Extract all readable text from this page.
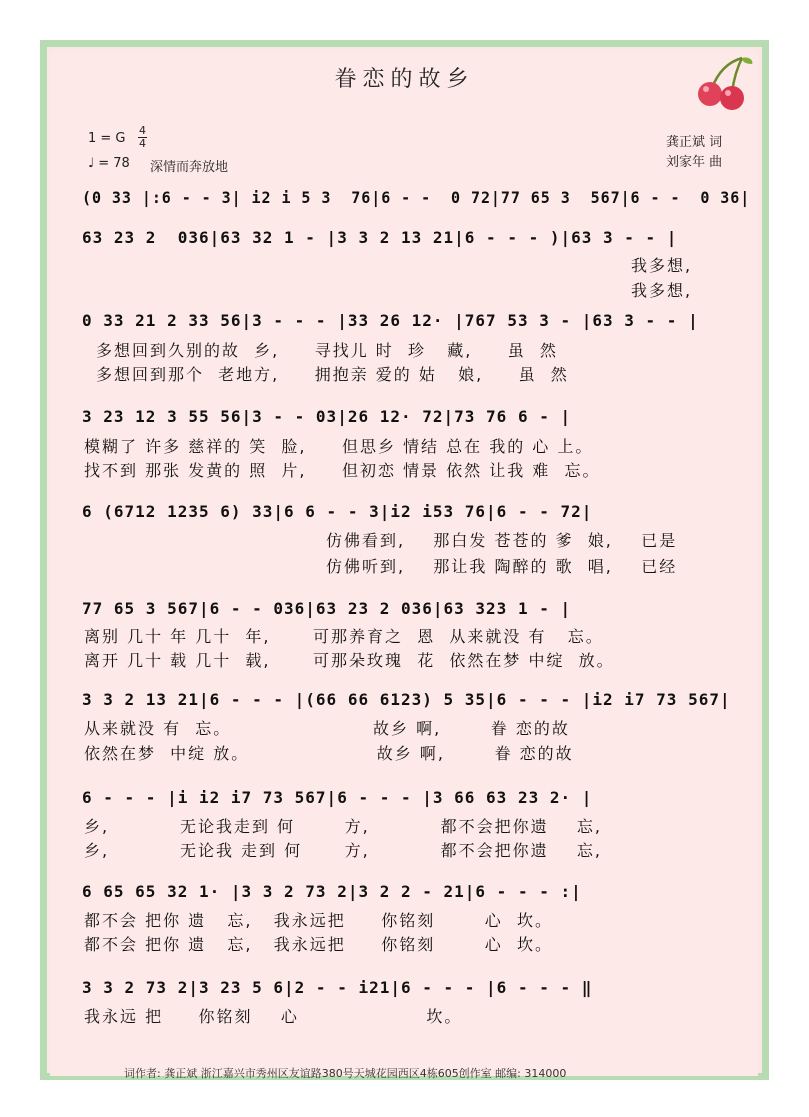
眷恋的故乡
1 = G
4
4
♩ = 78 深情而奔放地
龚正斌 词
刘家年 曲
(0 33 |:6 - - 3| i2 i 5 3  76|6 - -  0 72|77 65 3  567|6 - -  0 36|
63 23 2  036|63 32 1 - |3 3 2 13 21|6 - - - )|63 3 - - |
我多想,
我多想,
0 33 21 2 33 56|3 - - - |33 26 12· |767 53 3 - |63 3 - - |
多想回到久别的故  乡,     寻找儿 时  珍   藏,     虽  然
多想回到那个  老地方,     拥抱亲 爱的 姑   娘,     虽  然
3 23 12 3 55 56|3 - - 03|26 12· 72|73 76 6 - |
模糊了 许多 慈祥的 笑  脸,     但思乡 情结 总在 我的 心 上。
找不到 那张 发黄的 照  片,     但初恋 情景 依然 让我 难  忘。
6 (6712 1235 6) 33|6 6 - - 3|i2 i53 76|6 - - 72|
仿佛看到,    那白发 苍苍的 爹  娘,    已是
仿佛听到,    那让我 陶醉的 歌  唱,    已经
77 65 3 567|6 - - 036|63 23 2 036|63 323 1 - |
离别 几十 年 几十  年,      可那养育之  恩  从来就没 有   忘。
离开 几十 载 几十  载,      可那朵玫瑰  花  依然在梦 中绽  放。
3 3 2 13 21|6 - - - |(66 66 6123) 5 35|6 - - - |i2 i7 73 567|
从来就没 有  忘。                    故乡 啊,       眷 恋的故
依然在梦  中绽 放。                  故乡 啊,       眷 恋的故
6 - - - |i i2 i7 73 567|6 - - - |3 66 63 23 2· |
乡,          无论我走到 何       方,          都不会把你遗    忘,
乡,          无论我 走到 何      方,          都不会把你遗    忘,
6 65 65 32 1· |3 3 2 73 2|3 2 2 - 21|6 - - - :|
都不会 把你 遗   忘,   我永远把     你铭刻       心  坎。
都不会 把你 遗   忘,   我永远把     你铭刻       心  坎。
3 3 2 73 2|3 23 5 6|2 - - i21|6 - - - |6 - - - ‖
我永远 把     你铭刻    心                  坎。
词作者: 龚正斌 浙江嘉兴市秀州区友谊路380号天城花园西区4栋605创作室 邮编: 314000
